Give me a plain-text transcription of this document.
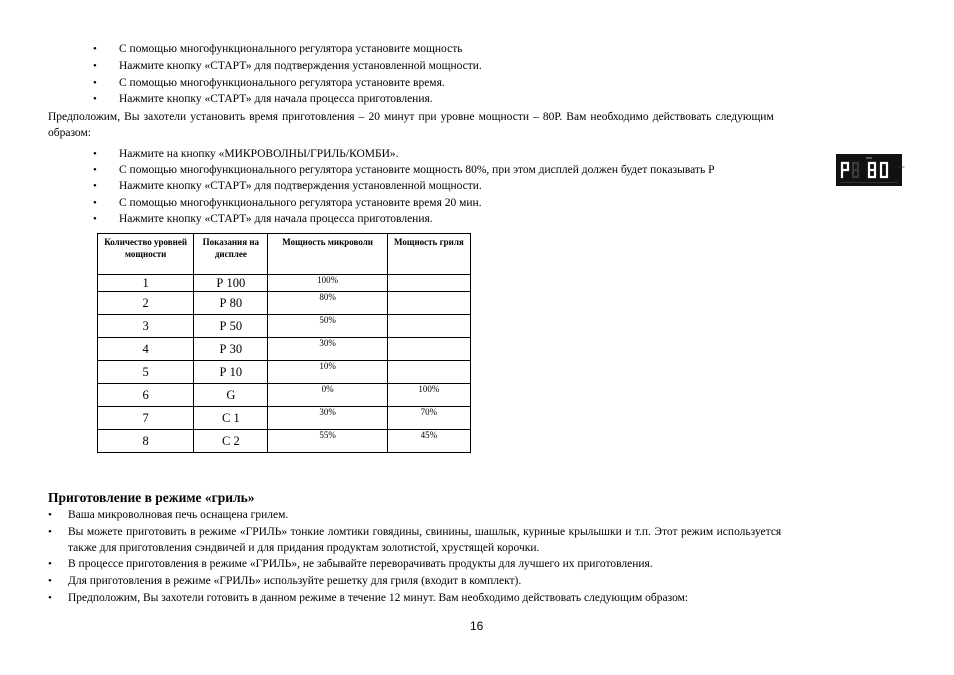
• С помощью многофункционального регулятора установите мощность
• Нажмите кнопку «СТАРТ» для подтверждения установленной мощности.
• С помощью многофункционального регулятора установите время.
• Нажмите кнопку «СТАРТ» для начала процесса приготовления.
Предположим, Вы захотели установить время приготовления – 20 минут при уровне мощности – 80Р. Вам необходимо действовать следующим
образом:
• Нажмите на кнопку «МИКРОВОЛНЫ/ГРИЛЬ/КОМБИ».
• С помощью многофункционального регулятора установите мощность 80%, при этом дисплей должен будет показывать Р
• Нажмите кнопку «СТАРТ» для подтверждения установленной мощности.
• С помощью многофункционального регулятора установите время 20 мин.
• Нажмите кнопку «СТАРТ» для начала процесса приготовления.
P 80
Количество уровней мощности	Показания на дисплее	Мощность микроволи	Мощность гриля
1	Р 100	100%	
2	Р 80	80%	
3	Р 50	50%	
4	Р 30	30%	
5	Р 10	10%	
6	G	0%	100%
7	С 1	30%	70%
8	С 2	55%	45%
Приготовление в режиме «гриль»
• Ваша микроволновая печь оснащена грилем.
• Вы можете приготовить в режиме «ГРИЛЬ» тонкие ломтики говядины, свинины, шашлык, куриные крылышки и т.п. Этот режим используется
также для приготовления сэндвичей и для придания продуктам золотистой, хрустящей корочки.
• В процессе приготовления в режиме «ГРИЛЬ», не забывайте переворачивать продукты для лучшего их приготовления.
• Для приготовления в режиме «ГРИЛЬ» используйте решетку для гриля (входит в комплект).
• Предположим, Вы захотели готовить в данном режиме в течение 12 минут. Вам необходимо действовать следующим образом:
16
